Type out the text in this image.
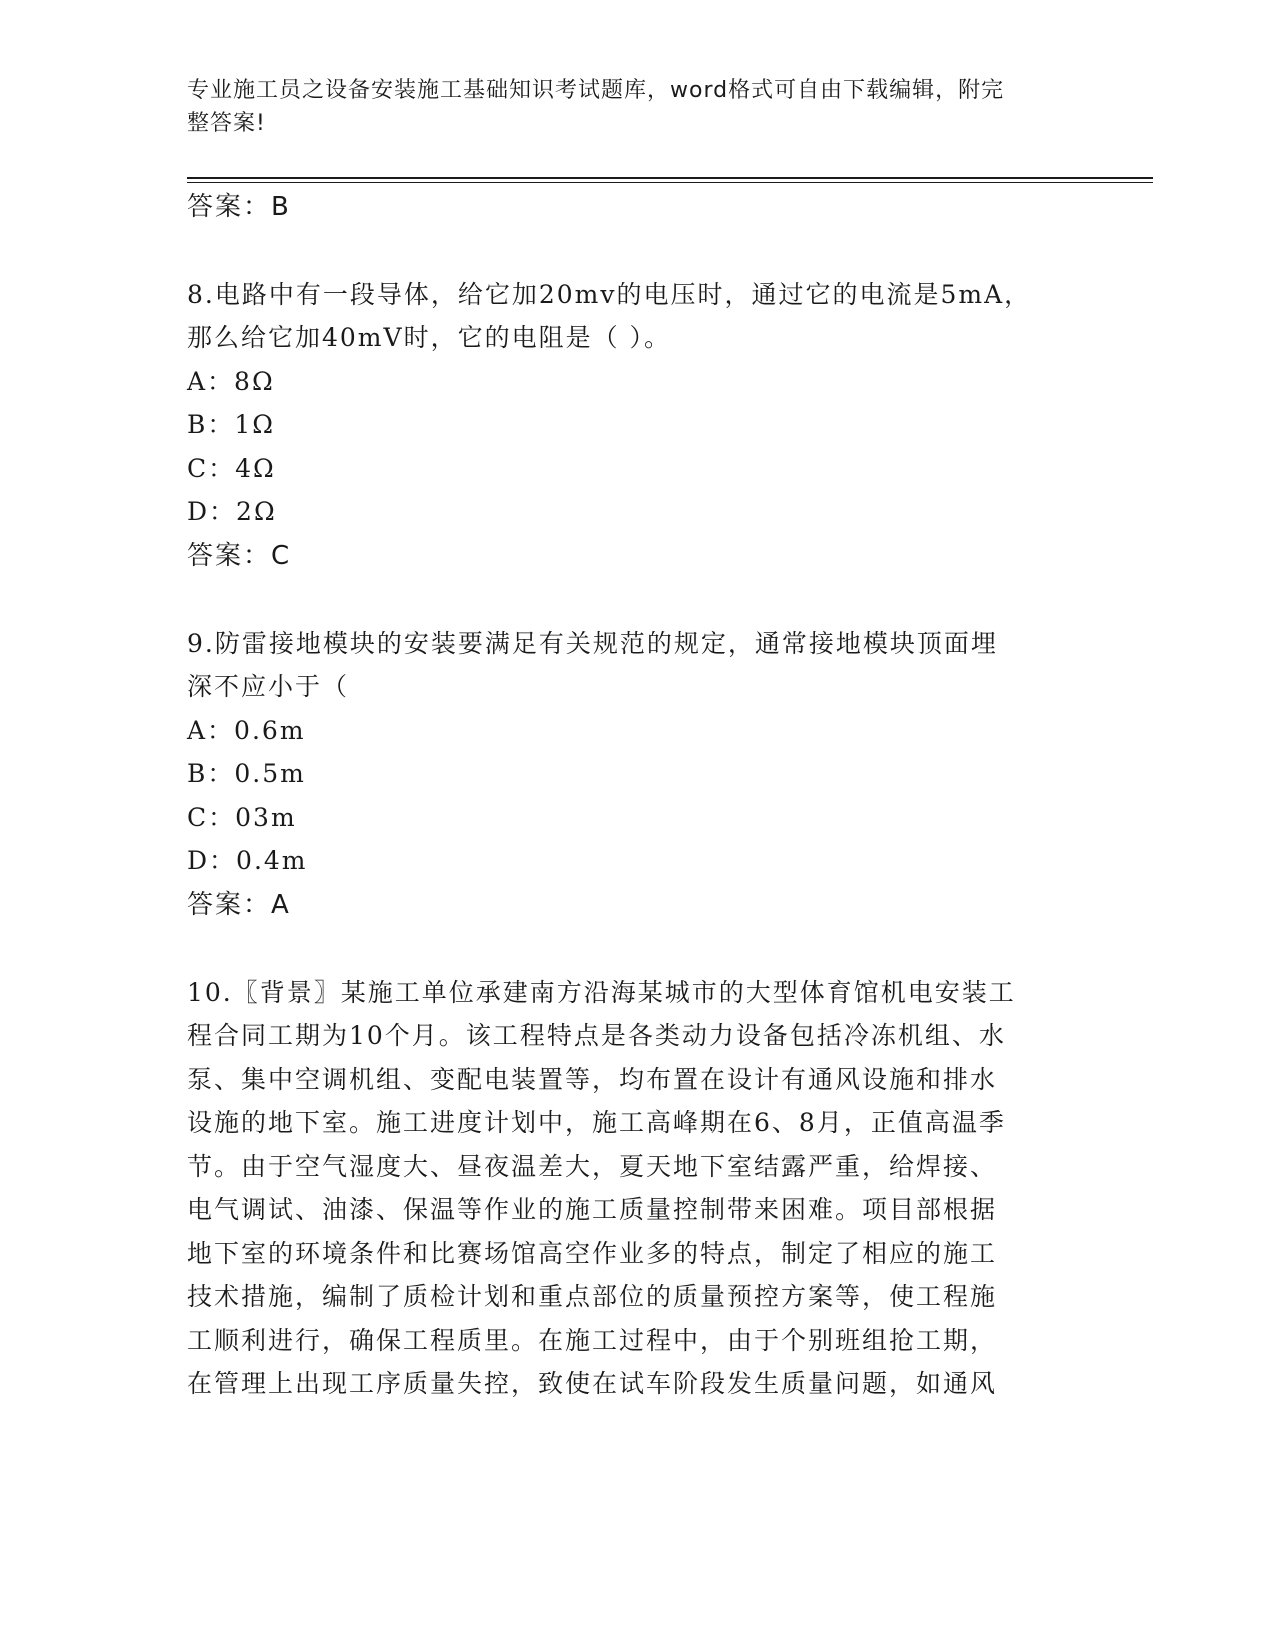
专业施工员之设备安装施工基础知识考试题库，word格式可自由下载编辑，附完
整答案!
答案：B
8.电路中有一段导体，给它加20mv的电压时，通过它的电流是5mA，
那么给它加40mV时，它的电阻是（ ）。
A：8Ω
B：1Ω
C：4Ω
D：2Ω
答案：C
9.防雷接地模块的安装要满足有关规范的规定，通常接地模块顶面埋
深不应小于（
A：0.6m
B：0.5m
C：03m
D：0.4m
答案：A
10.〖背景〗某施工单位承建南方沿海某城市的大型体育馆机电安装工
程合同工期为10个月。该工程特点是各类动力设备包括冷冻机组、水
泵、集中空调机组、变配电装置等，均布置在设计有通风设施和排水
设施的地下室。施工进度计划中，施工高峰期在6、8月，正值高温季
节。由于空气湿度大、昼夜温差大，夏天地下室结露严重，给焊接、
电气调试、油漆、保温等作业的施工质量控制带来困难。项目部根据
地下室的环境条件和比赛场馆高空作业多的特点，制定了相应的施工
技术措施，编制了质检计划和重点部位的质量预控方案等，使工程施
工顺利进行，确保工程质里。在施工过程中，由于个别班组抢工期，
在管理上出现工序质量失控，致使在试车阶段发生质量问题，如通风
